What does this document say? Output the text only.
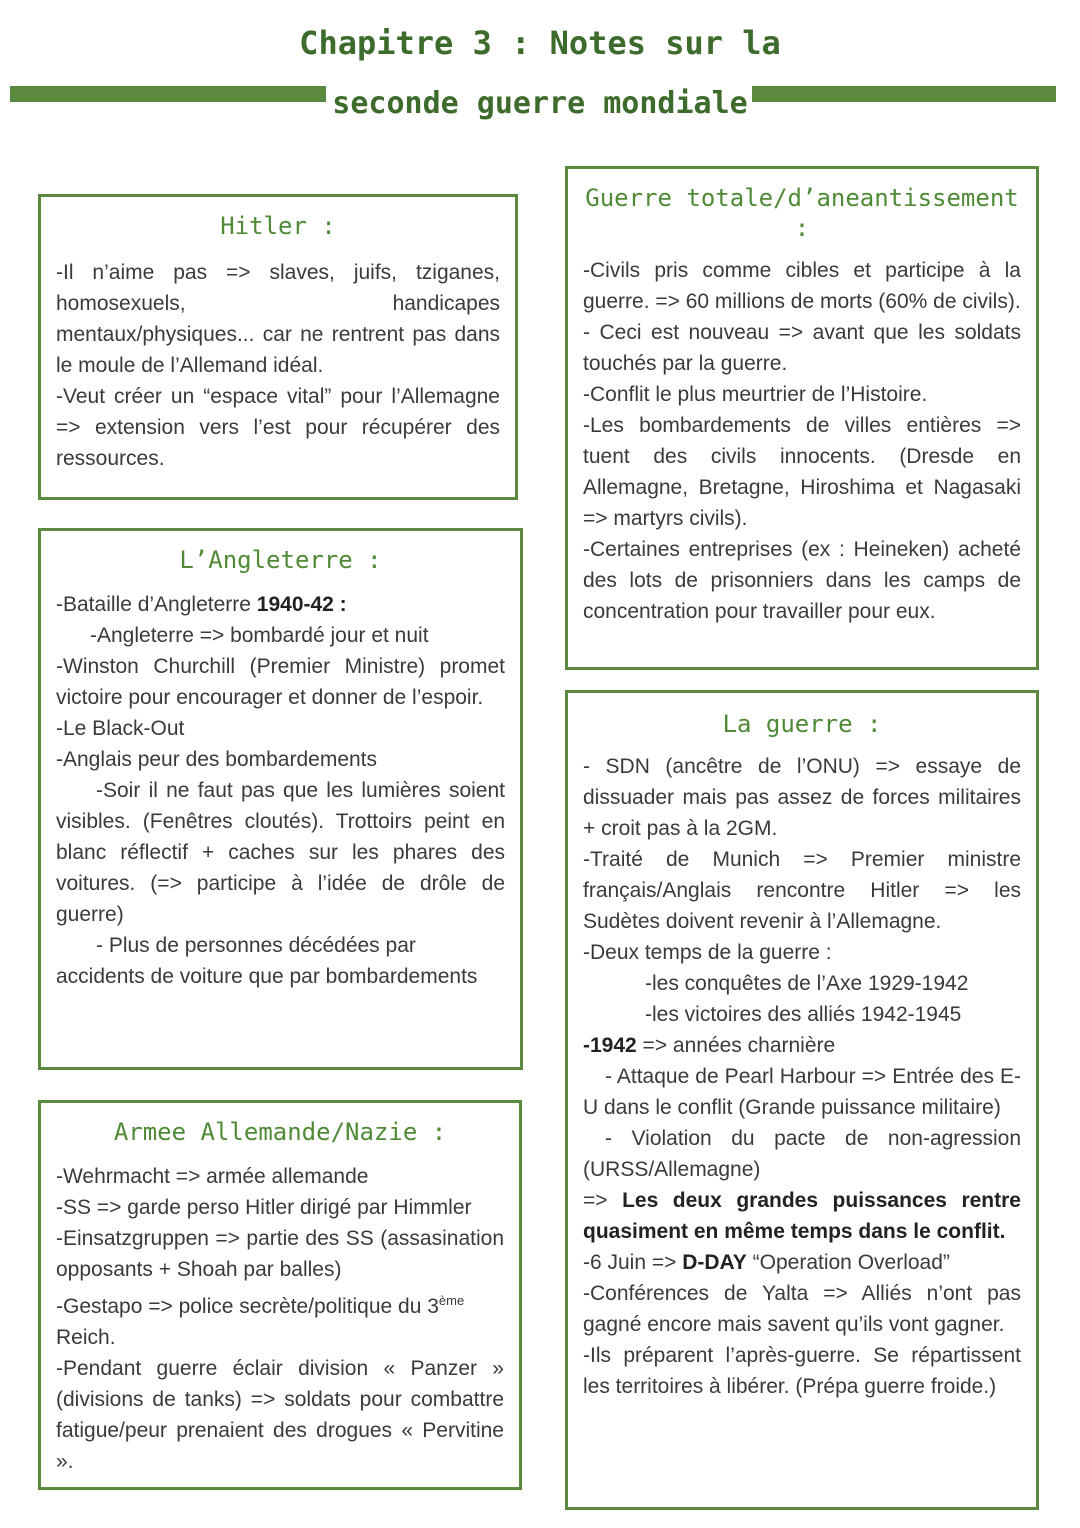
Chapitre 3 : Notes sur la
seconde guerre mondiale
Hitler :

-Il n’aime pas => slaves, juifs, tziganes, homosexuels, handicapes mentaux/physiques... car ne rentrent pas dans le moule de l’Allemand idéal.

-Veut créer un “espace vital” pour l’Allemagne => extension vers l’est pour récupérer des ressources.

L’Angleterre :

-Bataille d’Angleterre 1940-42 :

-Angleterre => bombardé jour et nuit

-Winston Churchill (Premier Ministre) promet victoire pour encourager et donner de l’espoir.

-Le Black-Out

-Anglais peur des bombardements

-Soir il ne faut pas que les lumières soient visibles. (Fenêtres cloutés). Trottoirs peint en blanc réflectif + caches sur les phares des voitures. (=> participe à l’idée de drôle de guerre)

- Plus de personnes décédées par accidents de voiture que par bombardements

Armee Allemande/Nazie :

-Wehrmacht => armée allemande

-SS => garde perso Hitler dirigé par Himmler

-Einsatzgruppen => partie des SS (assasination opposants + Shoah par balles)

-Gestapo => police secrète/politique du 3ème Reich.

-Pendant guerre éclair division « Panzer » (divisions de tanks) => soldats pour combattre fatigue/peur prenaient des drogues « Pervitine ».

Guerre totale/d’aneantissement :

-Civils pris comme cibles et participe à la guerre. => 60 millions de morts (60% de civils).

- Ceci est nouveau => avant que les soldats touchés par la guerre.

-Conflit le plus meurtrier de l’Histoire.

-Les bombardements de villes entières => tuent des civils innocents. (Dresde en Allemagne, Bretagne, Hiroshima et Nagasaki => martyrs civils).

-Certaines entreprises (ex : Heineken) acheté des lots de prisonniers dans les camps de concentration pour travailler pour eux.

La guerre :

- SDN (ancêtre de l’ONU) => essaye de dissuader mais pas assez de forces militaires + croit pas à la 2GM.

-Traité de Munich => Premier ministre français/Anglais rencontre Hitler => les Sudètes doivent revenir à l’Allemagne.

-Deux temps de la guerre :

-les conquêtes de l’Axe 1929-1942

-les victoires des alliés 1942-1945

-1942 => années charnière

- Attaque de Pearl Harbour => Entrée des E-U dans le conflit (Grande puissance militaire)

- Violation du pacte de non-agression (URSS/Allemagne)

=> Les deux grandes puissances rentre quasiment en même temps dans le conflit.

-6 Juin => D-DAY “Operation Overload”

-Conférences de Yalta => Alliés n’ont pas gagné encore mais savent qu’ils vont gagner.

-Ils préparent l’après-guerre. Se répartissent les territoires à libérer. (Prépa guerre froide.)
